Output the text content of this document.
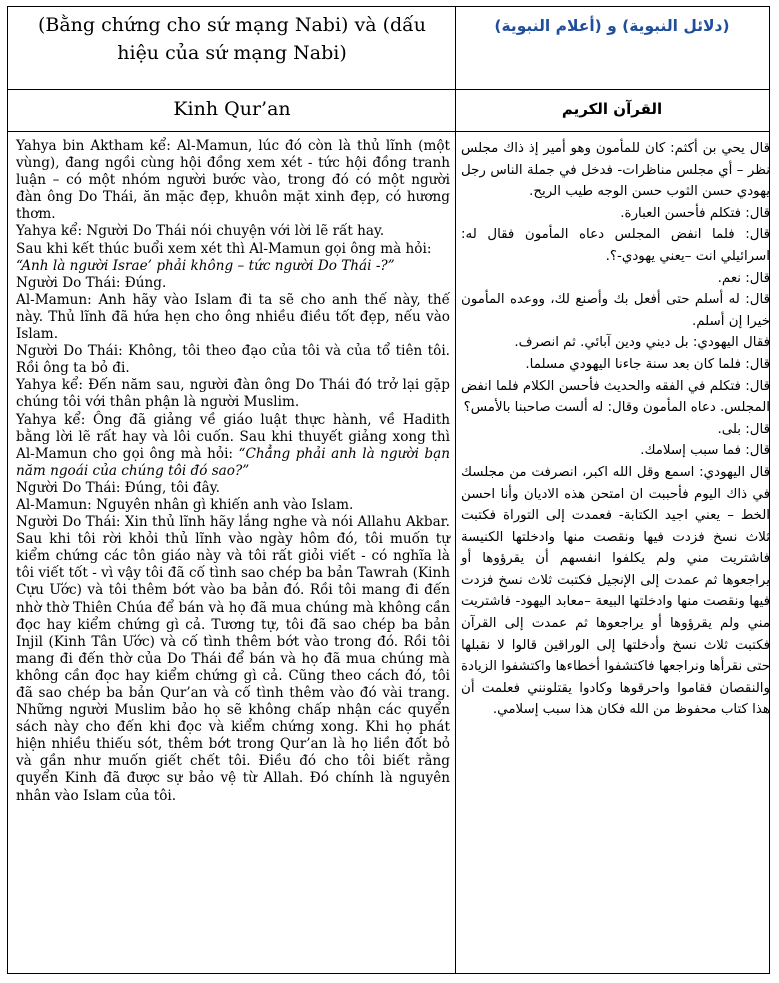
(Bằng chứng cho sứ mạng Nabi) và (dấu hiệu của sứ mạng Nabi)
(دلائل النبوية) و (أعلام النبوية)
Kinh Qur’an	القرآن الكريم

Yahya bin Aktham kể: Al-Mamun, lúc đó còn là thủ lĩnh (một vùng), đang ngồi cùng hội đồng xem xét - tức hội đồng tranh luận – có một nhóm người bước vào, trong đó có một người đàn ông Do Thái, ăn mặc đẹp, khuôn mặt xinh đẹp, có hương thơm.

Yahya kể: Người Do Thái nói chuyện với lời lẽ rất hay.

Sau khi kết thúc buổi xem xét thì Al-Mamun gọi ông mà hỏi:

“Anh là người Israe’ phải không – tức người Do Thái -?”

Người Do Thái: Đúng.

Al-Mamun: Anh hãy vào Islam đi ta sẽ cho anh thế này, thế này. Thủ lĩnh đã hứa hẹn cho ông nhiều điều tốt đẹp, nếu vào Islam.

Người Do Thái: Không, tôi theo đạo của tôi và của tổ tiên tôi. Rồi ông ta bỏ đi.

Yahya kể: Đến năm sau, người đàn ông Do Thái đó trở lại gặp chúng tôi với thân phận là người Muslim.

Yahya kể: Ông đã giảng về giáo luật thực hành, về Hadith bằng lời lẽ rất hay và lôi cuốn. Sau khi thuyết giảng xong thì Al-Mamun cho gọi ông mà hỏi: “Chẳng phải anh là người bạn năm ngoái của chúng tôi đó sao?”

Người Do Thái: Đúng, tôi đây.

Al-Mamun: Nguyên nhân gì khiến anh vào Islam.

Người Do Thái: Xin thủ lĩnh hãy lắng nghe và nói Allahu Akbar. Sau khi tôi rời khỏi thủ lĩnh vào ngày hôm đó, tôi muốn tự kiểm chứng các tôn giáo này và tôi rất giỏi viết - có nghĩa là tôi viết tốt - vì vậy tôi đã cố tình sao chép ba bản Tawrah (Kinh Cựu Ước) và tôi thêm bớt vào ba bản đó. Rồi tôi mang đi đến nhờ thờ Thiên Chúa để bán và họ đã mua chúng mà không cần đọc hay kiểm chứng gì cả. Tương tự, tôi đã sao chép ba bản Injil (Kinh Tân Ước) và cố tình thêm bớt vào trong đó. Rồi tôi mang đi đến thờ của Do Thái để bán và họ đã mua chúng mà không cần đọc hay kiểm chứng gì cả. Cũng theo cách đó, tôi đã sao chép ba bản Qur’an và cố tình thêm vào đó vài trang. Những người Muslim bảo họ sẽ không chấp nhận các quyển sách này cho đến khi đọc và kiểm chứng xong. Khi họ phát hiện nhiều thiếu sót, thêm bớt trong Qur’an là họ liền đốt bỏ và gần như muốn giết chết tôi. Điều đó cho tôi biết rằng quyển Kinh đã được sự bảo vệ từ Allah. Đó chính là nguyên nhân vào Islam của tôi.

قال يحي بن أكثم: كان للمأمون وهو أمير إذ ذاك مجلس نظر – أي مجلس مناظرات- فدخل في جملة الناس رجل يهودي حسن الثوب حسن الوجه طيب الريح.

قال: فتكلم فأحسن العبارة.

قال: فلما انفض المجلس دعاه المأمون فقال له: اسرائيلي انت –يعني يهودي-؟.

قال: نعم.

قال: له أسلم حتى أفعل بك وأصنع لك، ووعده المأمون خيرا إن أسلم.

فقال اليهودي: بل ديني ودين آبائي. ثم انصرف.

قال: فلما كان بعد سنة جاءنا اليهودي مسلما.

قال: فتكلم في الفقه والحديث فأحسن الكلام فلما انفض المجلس. دعاه المأمون وقال: له ألست صاحبنا بالأمس؟

قال: بلى.

قال: فما سبب إسلامك.

قال اليهودي: اسمع وقل الله اكبر، انصرفت من مجلسك في ذاك اليوم فأحببت ان امتحن هذه الاديان وأنا احسن الخط – يعني اجيد الكتابة- فعمدت إلى التوراة فكتبت ثلاث نسخ فزدت فيها ونقصت منها وادخلتها الكنيسة فاشتريت مني ولم يكلفوا انفسهم أن يقرؤوها أو يراجعوها ثم عمدت إلى الإنجيل فكتبت ثلاث نسخ فزدت فيها ونقصت منها وادخلتها البيعة –معابد اليهود- فاشتريت مني ولم يقرؤوها أو يراجعوها ثم عمدت إلى القرآن فكتبت ثلاث نسخ وأدخلتها إلى الوراقين قالوا لا نقبلها حتى نقرأها ونراجعها فاكتشفوا أخطاءها واكتشفوا الزيادة والنقصان فقاموا واحرقوها وكادوا يقتلونني فعلمت أن هذا كتاب محفوظ من الله فكان هذا سبب إسلامي.
